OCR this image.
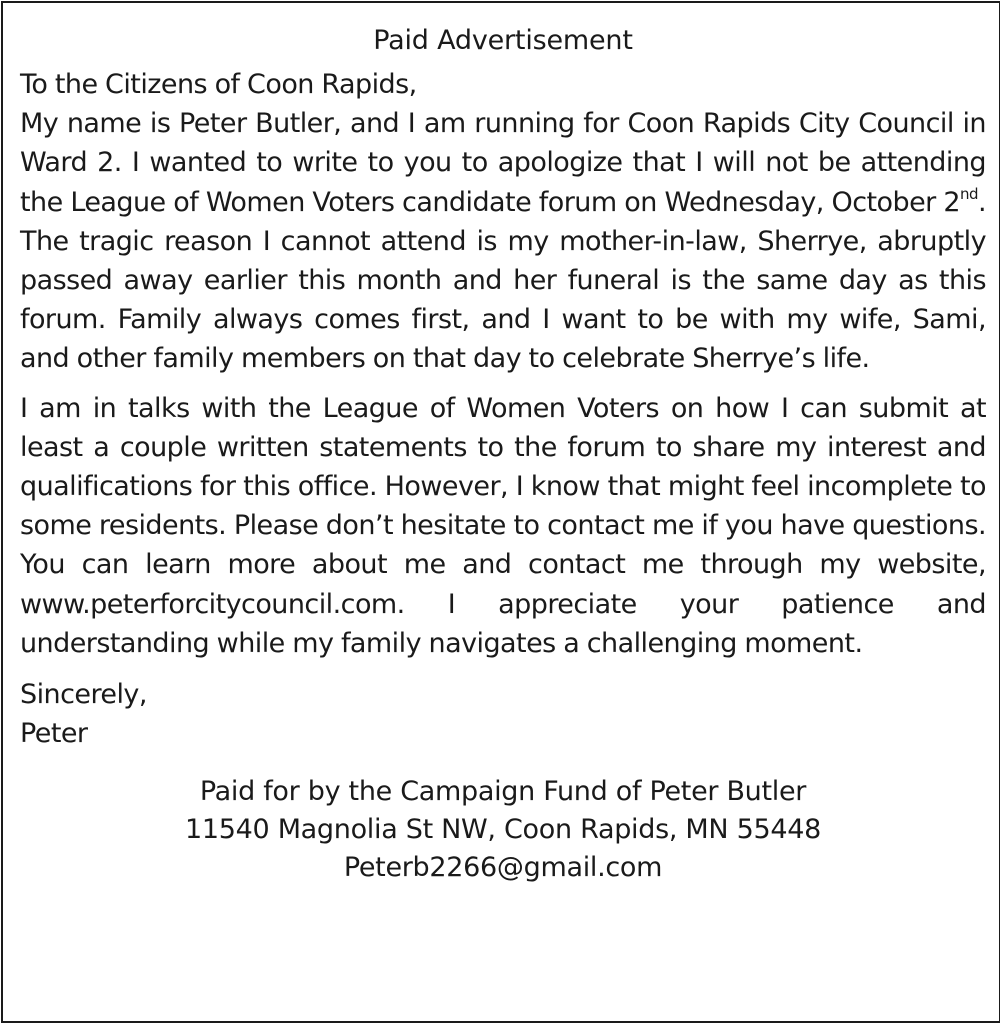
Paid Advertisement
To the Citizens of Coon Rapids,

My name is Peter Butler, and I am running for Coon Rapids City Council in Ward 2. I wanted to write to you to apologize that I will not be attending the League of Women Voters candidate forum on Wednesday, October 2nd. The tragic reason I cannot attend is my mother-in-law, Sherrye, abruptly passed away earlier this month and her funeral is the same day as this forum. Family always comes first, and I want to be with my wife, Sami, and other family members on that day to celebrate Sherrye’s life.

I am in talks with the League of Women Voters on how I can submit at least a couple written statements to the forum to share my interest and qualifications for this office. However, I know that might feel incomplete to some residents. Please don’t hesitate to contact me if you have questions. You can learn more about me and contact me through my website, www.peterforcitycouncil.com. I appreciate your patience and understanding while my family navigates a challenging moment.

Sincerely,
Peter
Paid for by the Campaign Fund of Peter Butler
11540 Magnolia St NW, Coon Rapids, MN 55448
Peterb2266@gmail.com
